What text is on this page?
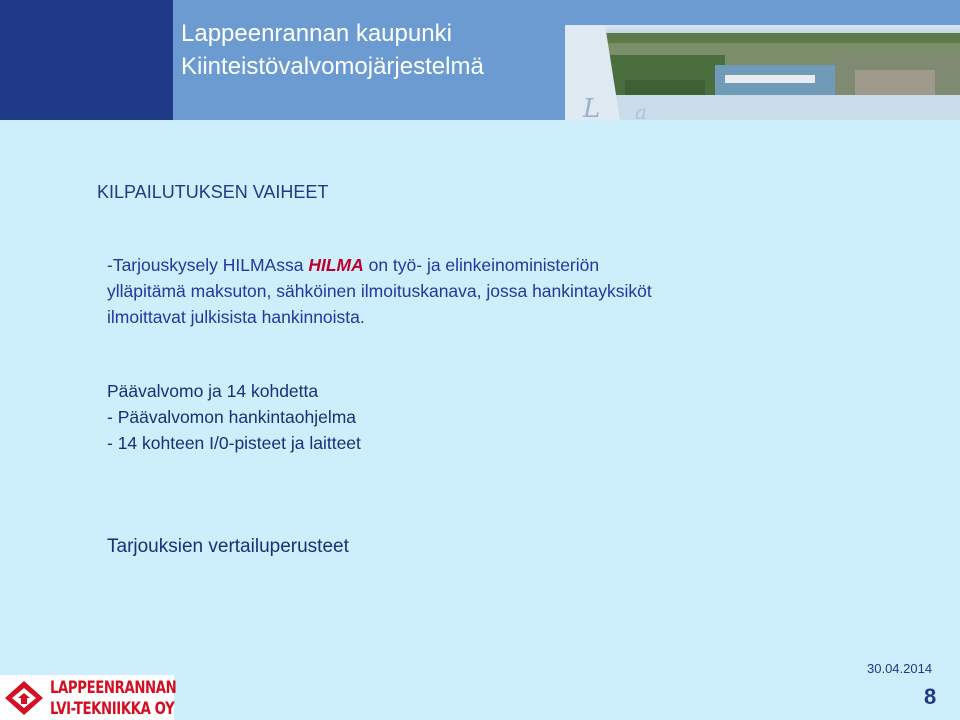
L a
Lappeenrannan kaupunki
Kiinteistövalvomojärjestelmä
KILPAILUTUKSEN VAIHEET
-Tarjouskysely HILMAssa HILMA on työ- ja elinkeinoministeriön
ylläpitämä maksuton, sähköinen ilmoituskanava, jossa hankintayksiköt
ilmoittavat julkisista hankinnoista.
Päävalvomo ja 14 kohdetta
- Päävalvomon hankintaohjelma
- 14 kohteen I/0-pisteet ja laitteet
Tarjouksien vertailuperusteet
LAPPEENRANNAN
LVI-TEKNIIKKA OY
30.04.2014
8
